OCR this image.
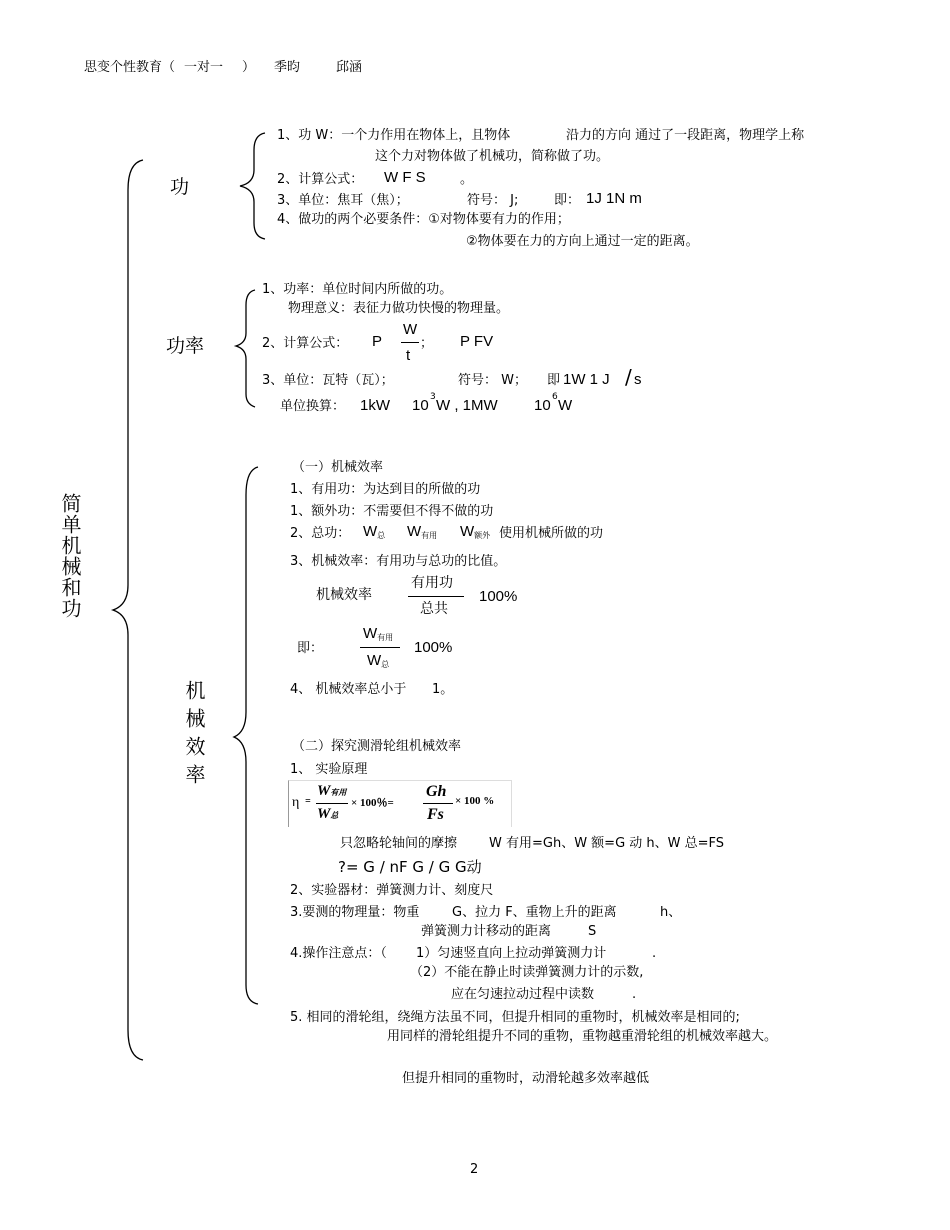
思变个性教育（ 一对一 ） 季昀	邱涵
简单机械和功
功
1、功 W：一个力作用在物体上，且物体	沿力的方向 通过了一段距离，物理学上称
这个力对物体做了机械功，简称做了功。
2、计算公式： W F S	。
3、单位：焦耳（焦）；	符号： J;	即： 1J 1N m
4、做功的两个必要条件：①对物体要有力的作用；
②物体要在力的方向上通过一定的距离。
功率
1、功率：单位时间内所做的功。
物理意义：表征力做功快慢的物理量。
2、计算公式： P
W
t
； P FV
3、单位：瓦特（瓦）；	符号： W； 即 1W 1 J / s
单位换算： 1kW 10 3 W , 1MW 10 6 W
机械效率
（一）机械效率
1、有用功：为达到目的所做的功
1、额外功：不需要但不得不做的功
2、总功： $W_总$ $W_{有用}$ $W_{额外}$ 使用机械所做的功
3、机械效率：有用功与总功的比值。
机械效率
有用功
总共
100%
即：
$W_{有用}$
$W_总$
100%
4、 机械效率总小于 1。
（二）探究测滑轮组机械效率
1、 实验原理
η =
W有用
W总
× 100％=
Gh
Fs
× 100 %
只忽略轮轴间的摩擦 W 有用=Gh、W 额=G 动 h、W 总=FS
?= G / nF G / G G动
2、实验器材：弹簧测力计、刻度尺
3.要测的物理量：物重	G、拉力 F、重物上升的距离	h、
弹簧测力计移动的距离	S
4.操作注意点：（ 1）匀速竖直向上拉动弹簧测力计	.
（2）不能在静止时读弹簧测力计的示数,
应在匀速拉动过程中读数	.
5. 相同的滑轮组，绕绳方法虽不同，但提升相同的重物时，机械效率是相同的;
用同样的滑轮组提升不同的重物，重物越重滑轮组的机械效率越大。
但提升相同的重物时，动滑轮越多效率越低
2
